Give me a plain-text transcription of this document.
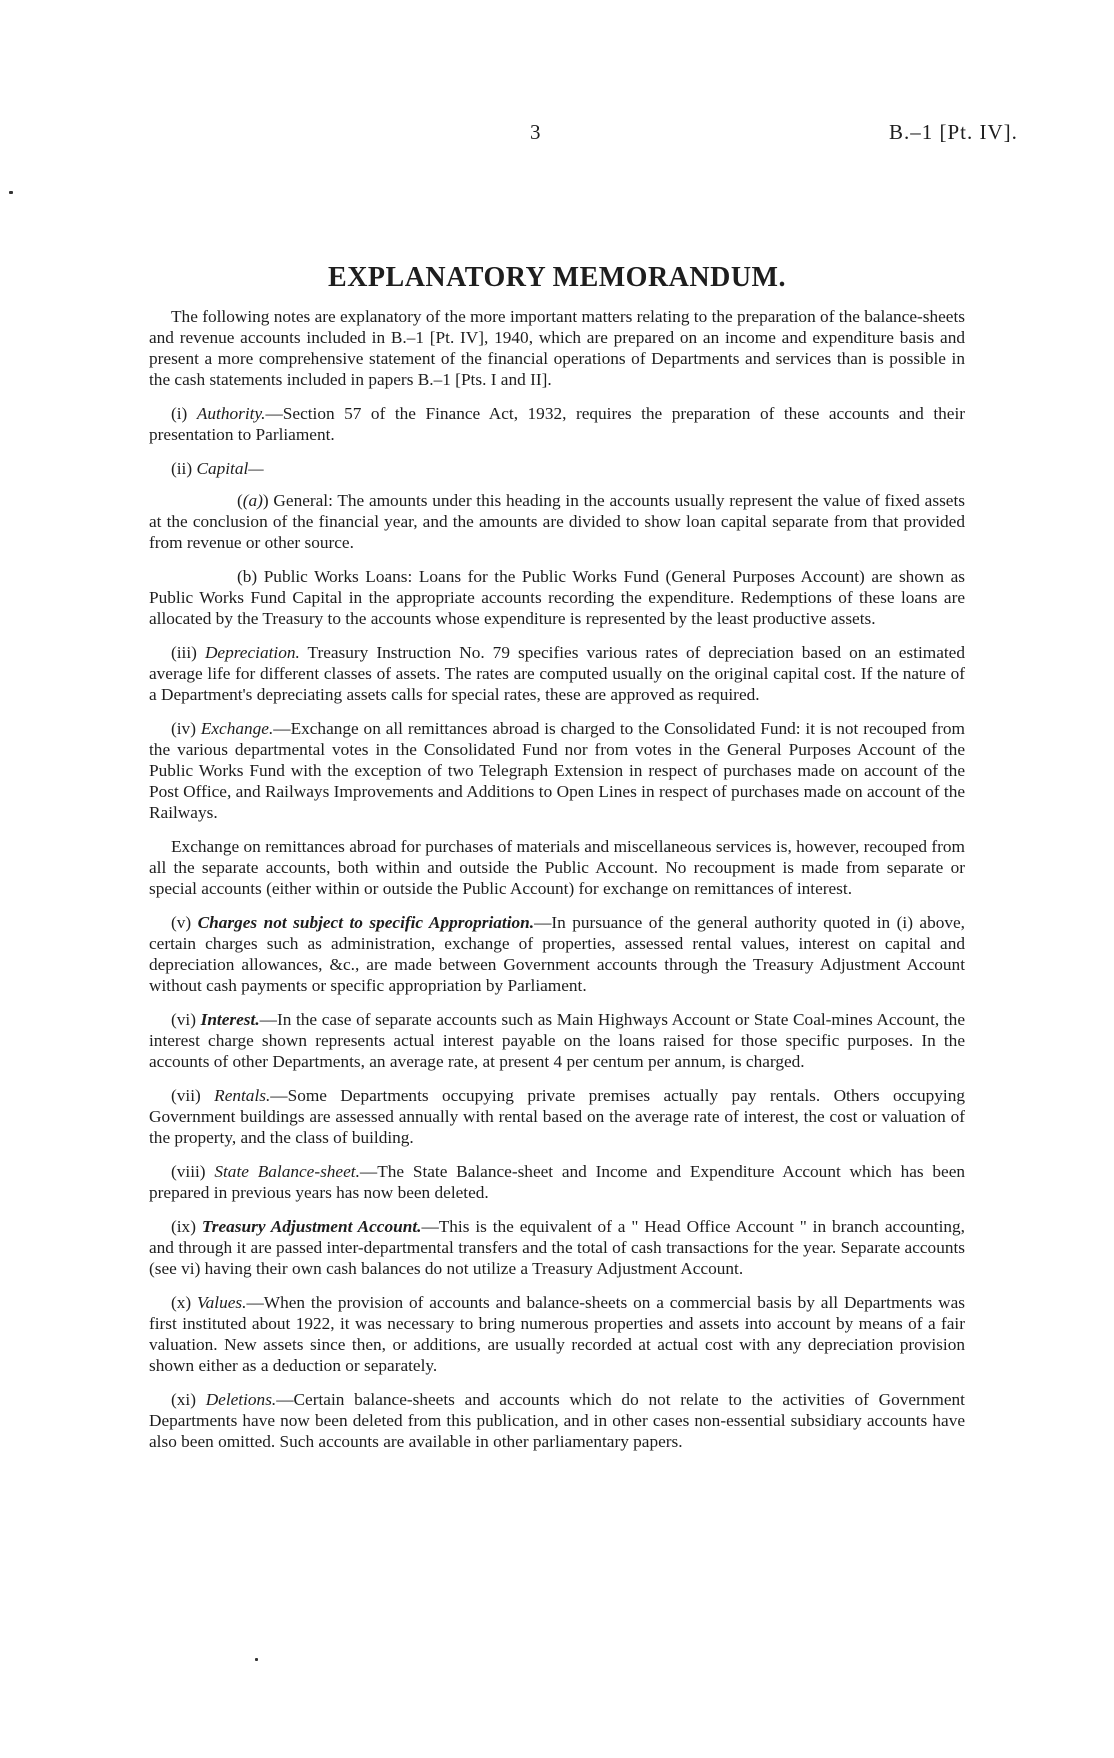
3	B.–1 [Pt. IV].
EXPLANATORY MEMORANDUM.

The following notes are explanatory of the more important matters relating to the preparation of the balance-sheets and revenue accounts included in B.–1 [Pt. IV], 1940, which are prepared on an income and expenditure basis and present a more comprehensive statement of the financial operations of Departments and services than is possible in the cash statements included in papers B.–1 [Pts. I and II].

(i) Authority.—Section 57 of the Finance Act, 1932, requires the preparation of these accounts and their presentation to Parliament.

(ii) Capital—

((a)) General: The amounts under this heading in the accounts usually represent the value of fixed assets at the conclusion of the financial year, and the amounts are divided to show loan capital separate from that provided from revenue or other source.

(b) Public Works Loans: Loans for the Public Works Fund (General Purposes Account) are shown as Public Works Fund Capital in the appropriate accounts recording the expenditure. Redemptions of these loans are allocated by the Treasury to the accounts whose expenditure is represented by the least productive assets.

(iii) Depreciation. Treasury Instruction No. 79 specifies various rates of depreciation based on an estimated average life for different classes of assets. The rates are computed usually on the original capital cost. If the nature of a Department's depreciating assets calls for special rates, these are approved as required.

(iv) Exchange.—Exchange on all remittances abroad is charged to the Consolidated Fund: it is not recouped from the various departmental votes in the Consolidated Fund nor from votes in the General Purposes Account of the Public Works Fund with the exception of two Telegraph Extension in respect of purchases made on account of the Post Office, and Railways Improvements and Additions to Open Lines in respect of purchases made on account of the Railways.

Exchange on remittances abroad for purchases of materials and miscellaneous services is, however, recouped from all the separate accounts, both within and outside the Public Account. No recoupment is made from separate or special accounts (either within or outside the Public Account) for exchange on remittances of interest.

(v) Charges not subject to specific Appropriation.—In pursuance of the general authority quoted in (i) above, certain charges such as administration, exchange of properties, assessed rental values, interest on capital and depreciation allowances, &c., are made between Government accounts through the Treasury Adjustment Account without cash payments or specific appropriation by Parliament.

(vi) Interest.—In the case of separate accounts such as Main Highways Account or State Coal-mines Account, the interest charge shown represents actual interest payable on the loans raised for those specific purposes. In the accounts of other Departments, an average rate, at present 4 per centum per annum, is charged.

(vii) Rentals.—Some Departments occupying private premises actually pay rentals. Others occupying Government buildings are assessed annually with rental based on the average rate of interest, the cost or valuation of the property, and the class of building.

(viii) State Balance-sheet.—The State Balance-sheet and Income and Expenditure Account which has been prepared in previous years has now been deleted.

(ix) Treasury Adjustment Account.—This is the equivalent of a " Head Office Account " in branch accounting, and through it are passed inter-departmental transfers and the total of cash transactions for the year. Separate accounts (see vi) having their own cash balances do not utilize a Treasury Adjustment Account.

(x) Values.—When the provision of accounts and balance-sheets on a commercial basis by all Departments was first instituted about 1922, it was necessary to bring numerous properties and assets into account by means of a fair valuation. New assets since then, or additions, are usually recorded at actual cost with any depreciation provision shown either as a deduction or separately.

(xi) Deletions.—Certain balance-sheets and accounts which do not relate to the activities of Government Departments have now been deleted from this publication, and in other cases non-essential subsidiary accounts have also been omitted. Such accounts are available in other parliamentary papers.
